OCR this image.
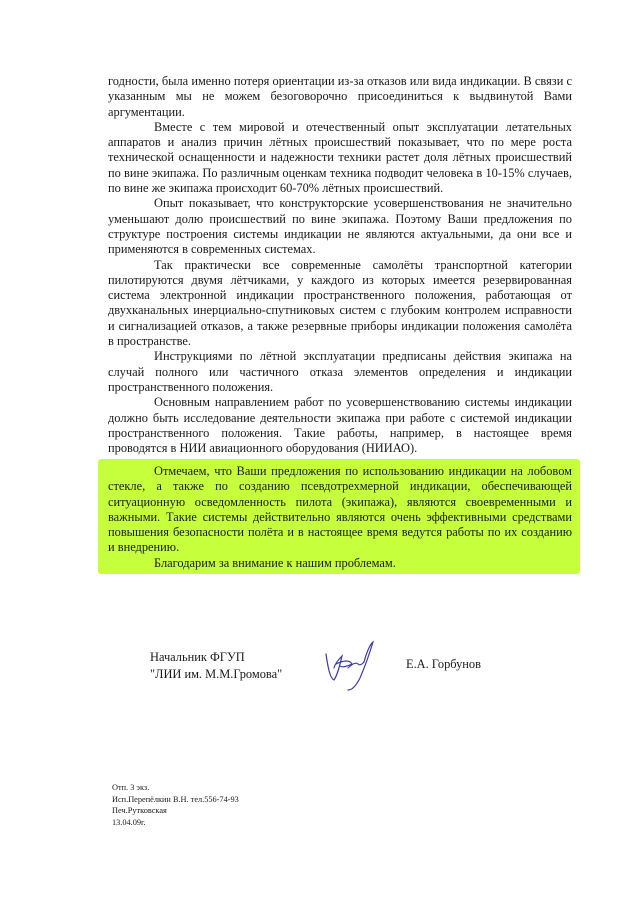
годности, была именно потеря ориентации из-за отказов или вида индикации. В связи с указанным мы не можем безоговорочно присоединиться к выдвинутой Вами аргументации.

Вместе с тем мировой и отечественный опыт эксплуатации летательных аппаратов и анализ причин лётных происшествий показывает, что по мере роста технической оснащенности и надежности техники растет доля лётных происшествий по вине экипажа. По различным оценкам техника подводит человека в 10-15% случаев, по вине же экипажа происходит 60-70% лётных происшествий.

Опыт показывает, что конструкторские усовершенствования не значительно уменьшают долю происшествий по вине экипажа. Поэтому Ваши предложения по структуре построения системы индикации не являются актуальными, да они все и применяются в современных системах.

Так практически все современные самолёты транспортной категории пилотируются двумя лётчиками, у каждого из которых имеется резервированная система электронной индикации пространственного положения, работающая от двухканальных инерциально-спутниковых систем с глубоким контролем исправности и сигнализацией отказов, а также резервные приборы индикации положения самолёта в пространстве.

Инструкциями по лётной эксплуатации предписаны действия экипажа на случай полного или частичного отказа элементов определения и индикации пространственного положения.

Основным направлением работ по усовершенствованию системы индикации должно быть исследование деятельности экипажа при работе с системой индикации пространственного положения. Такие работы, например, в настоящее время проводятся в НИИ авиационного оборудования (НИИАО).

Отмечаем, что Ваши предложения по использованию индикации на лобовом стекле, а также по созданию псевдотрехмерной индикации, обеспечивающей ситуационную осведомленность пилота (экипажа), являются своевременными и важными. Такие системы действительно являются очень эффективными средствами повышения безопасности полёта и в настоящее время ведутся работы по их созданию и внедрению.

Благодарим за внимание к нашим проблемам.

Начальник ФГУП
"ЛИИ им. М.М.Громова"
Е.А. Горбунов
Отп. 3 экз.
Исп.Перепёлкин В.Н. тел.556-74-93
Печ.Рутковская
13.04.09г.
